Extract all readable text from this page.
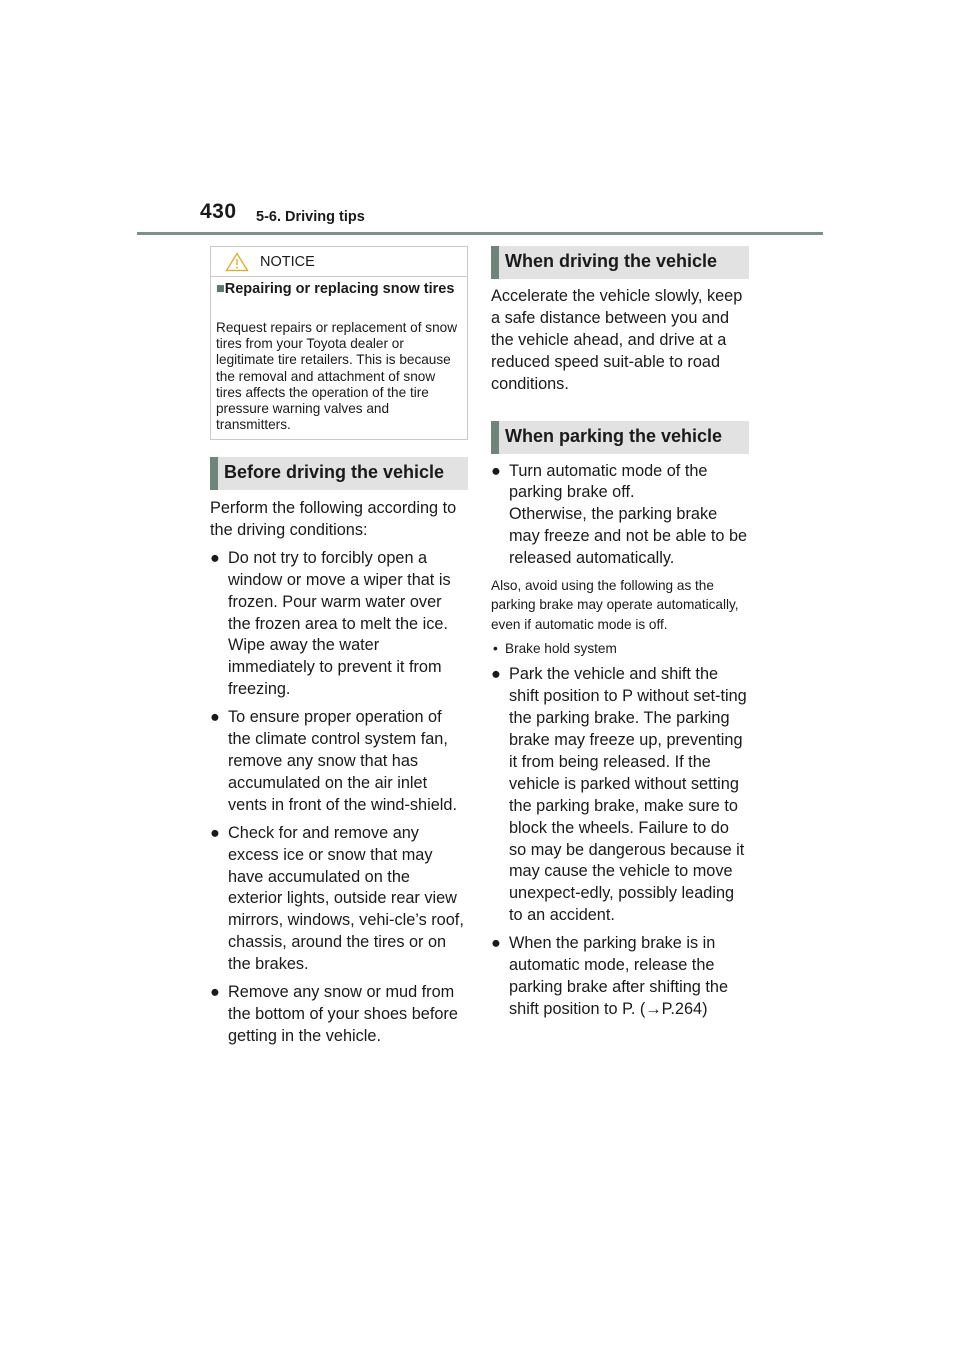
430 5-6. Driving tips
NOTICE
■Repairing or replacing snow tires

Request repairs or replacement of snow tires from your Toyota dealer or legitimate tire retailers. This is because the removal and attachment of snow tires affects the operation of the tire pressure warning valves and transmitters.

Before driving the vehicle

Perform the following according to the driving conditions:

● Do not try to forcibly open a window or move a wiper that is frozen. Pour warm water over the frozen area to melt the ice. Wipe away the water immediately to prevent it from freezing.
● To ensure proper operation of the climate control system fan, remove any snow that has accumulated on the air inlet vents in front of the wind-shield.
● Check for and remove any excess ice or snow that may have accumulated on the exterior lights, outside rear view mirrors, windows, vehi-cle’s roof, chassis, around the tires or on the brakes.
● Remove any snow or mud from the bottom of your shoes before getting in the vehicle.
When driving the vehicle

Accelerate the vehicle slowly, keep a safe distance between you and the vehicle ahead, and drive at a reduced speed suit-able to road conditions.

When parking the vehicle
● Turn automatic mode of the parking brake off.
Otherwise, the parking brake may freeze and not be able to be released automatically.

Also, avoid using the following as the parking brake may operate automatically, even if automatic mode is off.

• Brake hold system
● Park the vehicle and shift the shift position to P without set-ting the parking brake. The parking brake may freeze up, preventing it from being released. If the vehicle is parked without setting the parking brake, make sure to block the wheels. Failure to do so may be dangerous because it may cause the vehicle to move unexpect-edly, possibly leading to an accident.
● When the parking brake is in automatic mode, release the parking brake after shifting the shift position to P. (→P.264)
